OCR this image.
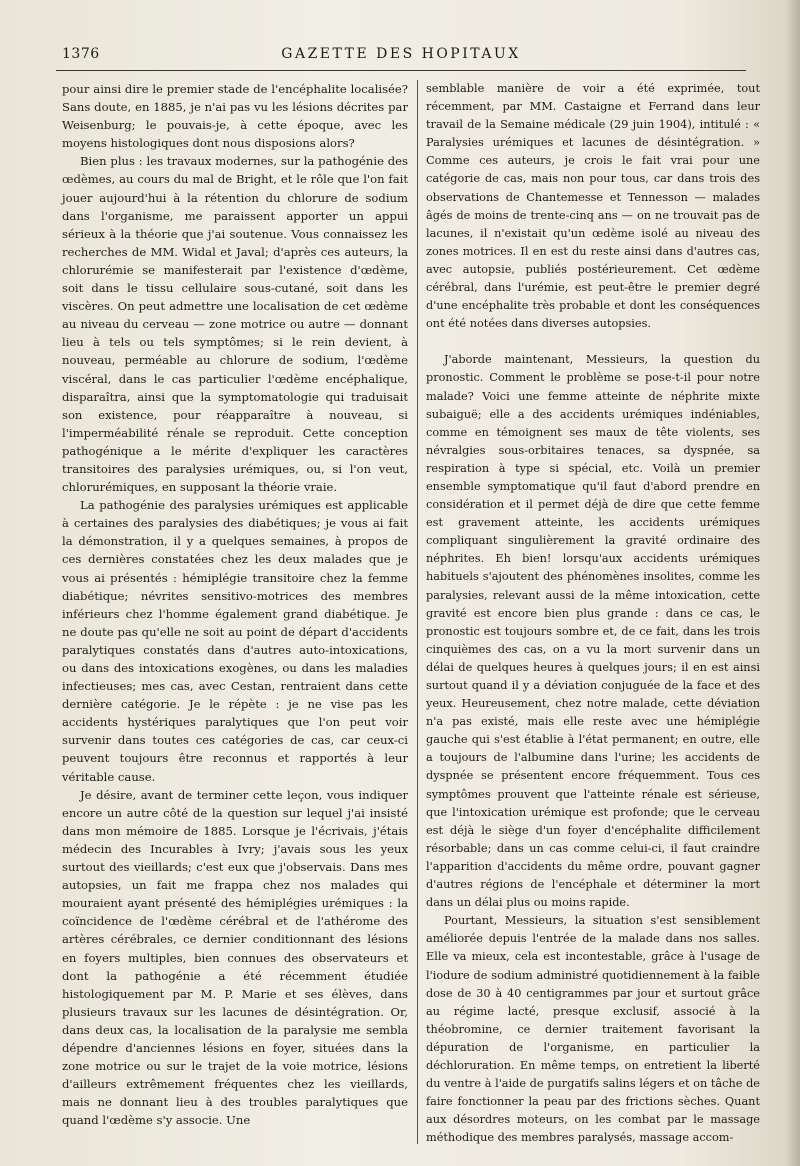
1376	GAZETTE DES HOPITAUX

pour ainsi dire le premier stade de l'encéphalite localisée? Sans doute, en 1885, je n'ai pas vu les lésions décrites par Weisenburg; le pouvais-je, à cette époque, avec les moyens histologiques dont nous disposions alors?

Bien plus : les travaux modernes, sur la pathogénie des œdèmes, au cours du mal de Bright, et le rôle que l'on fait jouer aujourd'hui à la rétention du chlorure de sodium dans l'organisme, me paraissent apporter un appui sérieux à la théorie que j'ai soutenue. Vous connaissez les recherches de MM. Widal et Javal; d'après ces auteurs, la chlorurémie se manifesterait par l'existence d'œdème, soit dans le tissu cellulaire sous-cutané, soit dans les viscères. On peut admettre une localisation de cet œdème au niveau du cerveau — zone motrice ou autre — donnant lieu à tels ou tels symptômes; si le rein devient, à nouveau, perméable au chlorure de sodium, l'œdème viscéral, dans le cas particulier l'œdème encéphalique, disparaîtra, ainsi que la symptomatologie qui traduisait son existence, pour réapparaître à nouveau, si l'imperméabilité rénale se reproduit. Cette conception pathogénique a le mérite d'expliquer les caractères transitoires des paralysies urémiques, ou, si l'on veut, chlorurémiques, en supposant la théorie vraie.

La pathogénie des paralysies urémiques est applicable à certaines des paralysies des diabétiques; je vous ai fait la démonstration, il y a quelques semaines, à propos de ces dernières constatées chez les deux malades que je vous ai présentés : hémiplégie transitoire chez la femme diabétique; névrites sensitivo-motrices des membres inférieurs chez l'homme également grand diabétique. Je ne doute pas qu'elle ne soit au point de départ d'accidents paralytiques constatés dans d'autres auto-intoxications, ou dans des intoxications exogènes, ou dans les maladies infectieuses; mes cas, avec Cestan, rentraient dans cette dernière catégorie. Je le répète : je ne vise pas les accidents hystériques paralytiques que l'on peut voir survenir dans toutes ces catégories de cas, car ceux-ci peuvent toujours être reconnus et rapportés à leur véritable cause.

Je désire, avant de terminer cette leçon, vous indiquer encore un autre côté de la question sur lequel j'ai insisté dans mon mémoire de 1885. Lorsque je l'écrivais, j'étais médecin des Incurables à Ivry; j'avais sous les yeux surtout des vieillards; c'est eux que j'observais. Dans mes autopsies, un fait me frappa chez nos malades qui mouraient ayant présenté des hémiplégies urémiques : la coïncidence de l'œdème cérébral et de l'athérome des artères cérébrales, ce dernier conditionnant des lésions en foyers multiples, bien connues des observateurs et dont la pathogénie a été récemment étudiée histologiquement par M. P. Marie et ses élèves, dans plusieurs travaux sur les lacunes de désintégration. Or, dans deux cas, la localisation de la paralysie me sembla dépendre d'anciennes lésions en foyer, situées dans la zone motrice ou sur le trajet de la voie motrice, lésions d'ailleurs extrêmement fréquentes chez les vieillards, mais ne donnant lieu à des troubles paralytiques que quand l'œdème s'y associe. Une

semblable manière de voir a été exprimée, tout récemment, par MM. Castaigne et Ferrand dans leur travail de la Semaine médicale (29 juin 1904), intitulé : « Paralysies urémiques et lacunes de désintégration. » Comme ces auteurs, je crois le fait vrai pour une catégorie de cas, mais non pour tous, car dans trois des observations de Chantemesse et Tennesson — malades âgés de moins de trente-cinq ans — on ne trouvait pas de lacunes, il n'existait qu'un œdème isolé au niveau des zones motrices. Il en est du reste ainsi dans d'autres cas, avec autopsie, publiés postérieurement. Cet œdème cérébral, dans l'urémie, est peut-être le premier degré d'une encéphalite très probable et dont les conséquences ont été notées dans diverses autopsies.

J'aborde maintenant, Messieurs, la question du pronostic. Comment le problème se pose-t-il pour notre malade? Voici une femme atteinte de néphrite mixte subaiguë; elle a des accidents urémiques indéniables, comme en témoignent ses maux de tête violents, ses névralgies sous-orbitaires tenaces, sa dyspnée, sa respiration à type si spécial, etc. Voilà un premier ensemble symptomatique qu'il faut d'abord prendre en considération et il permet déjà de dire que cette femme est gravement atteinte, les accidents urémiques compliquant singulièrement la gravité ordinaire des néphrites. Eh bien! lorsqu'aux accidents urémiques habituels s'ajoutent des phénomènes insolites, comme les paralysies, relevant aussi de la même intoxication, cette gravité est encore bien plus grande : dans ce cas, le pronostic est toujours sombre et, de ce fait, dans les trois cinquièmes des cas, on a vu la mort survenir dans un délai de quelques heures à quelques jours; il en est ainsi surtout quand il y a déviation conjuguée de la face et des yeux. Heureusement, chez notre malade, cette déviation n'a pas existé, mais elle reste avec une hémiplégie gauche qui s'est établie à l'état permanent; en outre, elle a toujours de l'albumine dans l'urine; les accidents de dyspnée se présentent encore fréquemment. Tous ces symptômes prouvent que l'atteinte rénale est sérieuse, que l'intoxication urémique est profonde; que le cerveau est déjà le siège d'un foyer d'encéphalite difficilement résorbable; dans un cas comme celui-ci, il faut craindre l'apparition d'accidents du même ordre, pouvant gagner d'autres régions de l'encéphale et déterminer la mort dans un délai plus ou moins rapide.

Pourtant, Messieurs, la situation s'est sensiblement améliorée depuis l'entrée de la malade dans nos salles. Elle va mieux, cela est incontestable, grâce à l'usage de l'iodure de sodium administré quotidiennement à la faible dose de 30 à 40 centigrammes par jour et surtout grâce au régime lacté, presque exclusif, associé à la théobromine, ce dernier traitement favorisant la dépuration de l'organisme, en particulier la déchloruration. En même temps, on entretient la liberté du ventre à l'aide de purgatifs salins légers et on tâche de faire fonctionner la peau par des frictions sèches. Quant aux désordres moteurs, on les combat par le massage méthodique des membres paralysés, massage accom-
